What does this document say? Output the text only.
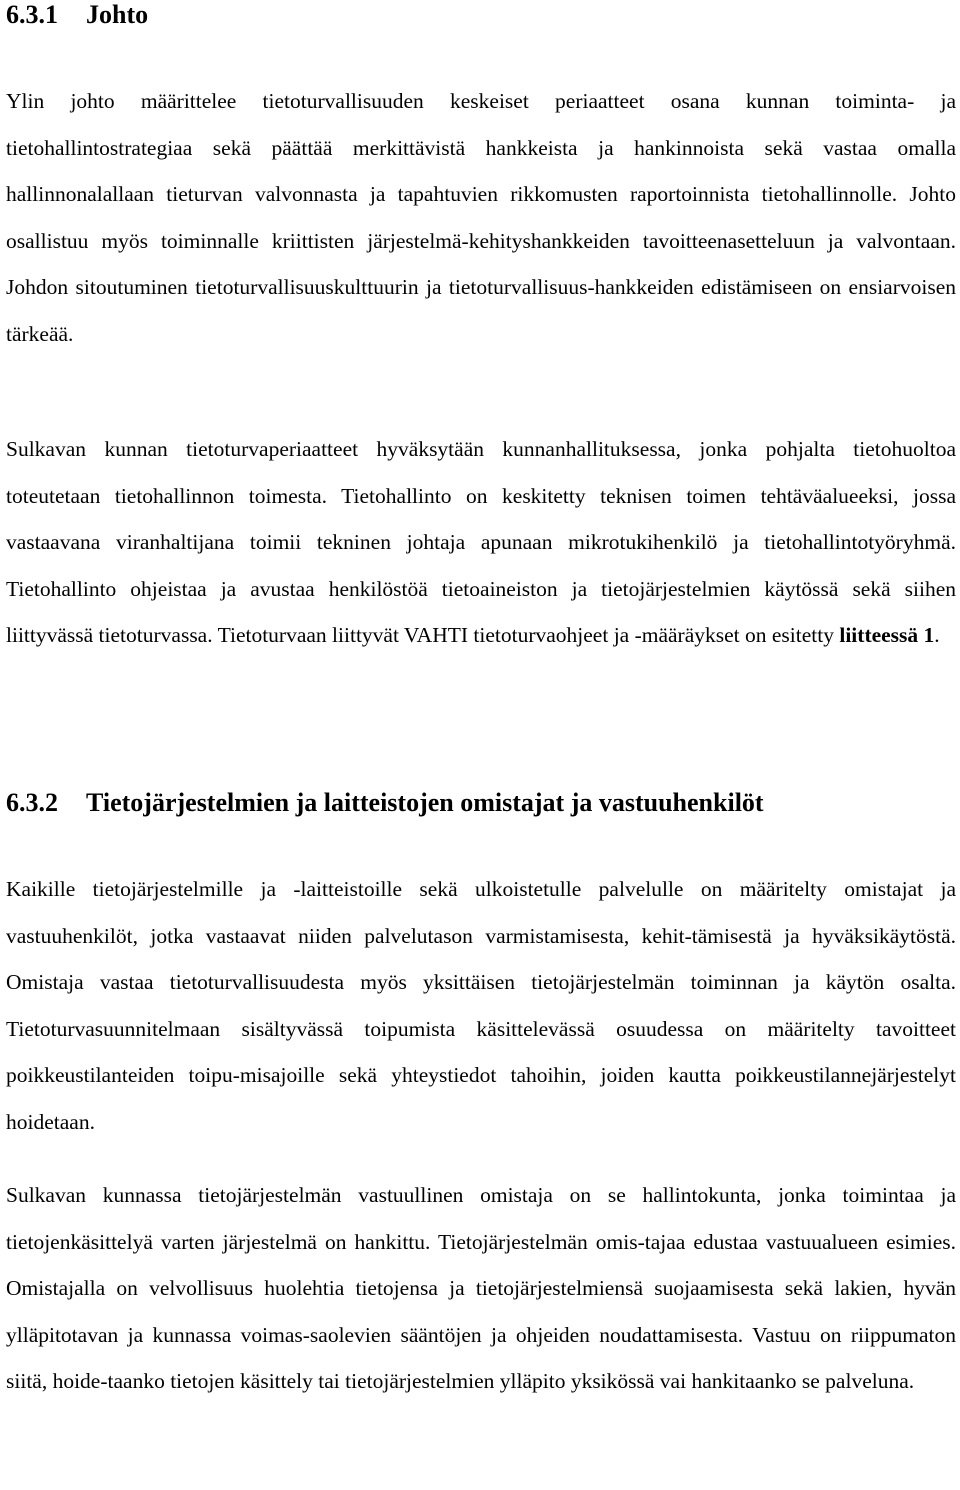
6.3.1 Johto

Ylin johto määrittelee tietoturvallisuuden keskeiset periaatteet osana kunnan toiminta- ja tietohallintostrategiaa sekä päättää merkittävistä hankkeista ja hankinnoista sekä vastaa omalla hallinnonalallaan tieturvan valvonnasta ja tapahtuvien rikkomusten raportoinnista tietohallinnolle. Johto osallistuu myös toiminnalle kriittisten järjestelmä-kehityshankkeiden tavoitteenasetteluun ja valvontaan. Johdon sitoutuminen tietoturvallisuuskulttuurin ja tietoturvallisuus-hankkeiden edistämiseen on ensiarvoisen tärkeää.

Sulkavan kunnan tietoturvaperiaatteet hyväksytään kunnanhallituksessa, jonka pohjalta tietohuoltoa toteutetaan tietohallinnon toimesta. Tietohallinto on keskitetty teknisen toimen tehtäväalueeksi, jossa vastaavana viranhaltijana toimii tekninen johtaja apunaan mikrotukihenkilö ja tietohallintotyöryhmä. Tietohallinto ohjeistaa ja avustaa henkilöstöä tietoaineiston ja tietojärjestelmien käytössä sekä siihen liittyvässä tietoturvassa. Tietoturvaan liittyvät VAHTI tietoturvaohjeet ja -määräykset on esitetty liitteessä 1.

6.3.2 Tietojärjestelmien ja laitteistojen omistajat ja vastuuhenkilöt

Kaikille tietojärjestelmille ja -laitteistoille sekä ulkoistetulle palvelulle on määritelty omistajat ja vastuuhenkilöt, jotka vastaavat niiden palvelutason varmistamisesta, kehit-tämisestä ja hyväksikäytöstä. Omistaja vastaa tietoturvallisuudesta myös yksittäisen tietojärjestelmän toiminnan ja käytön osalta. Tietoturvasuunnitelmaan sisältyvässä toipumista käsittelevässä osuudessa on määritelty tavoitteet poikkeustilanteiden toipu-misajoille sekä yhteystiedot tahoihin, joiden kautta poikkeustilannejärjestelyt hoidetaan.

Sulkavan kunnassa tietojärjestelmän vastuullinen omistaja on se hallintokunta, jonka toimintaa ja tietojenkäsittelyä varten järjestelmä on hankittu. Tietojärjestelmän omis-tajaa edustaa vastuualueen esimies. Omistajalla on velvollisuus huolehtia tietojensa ja tietojärjestelmiensä suojaamisesta sekä lakien, hyvän ylläpitotavan ja kunnassa voimas-saolevien sääntöjen ja ohjeiden noudattamisesta. Vastuu on riippumaton siitä, hoide-taanko tietojen käsittely tai tietojärjestelmien ylläpito yksikössä vai hankitaanko se palveluna.
